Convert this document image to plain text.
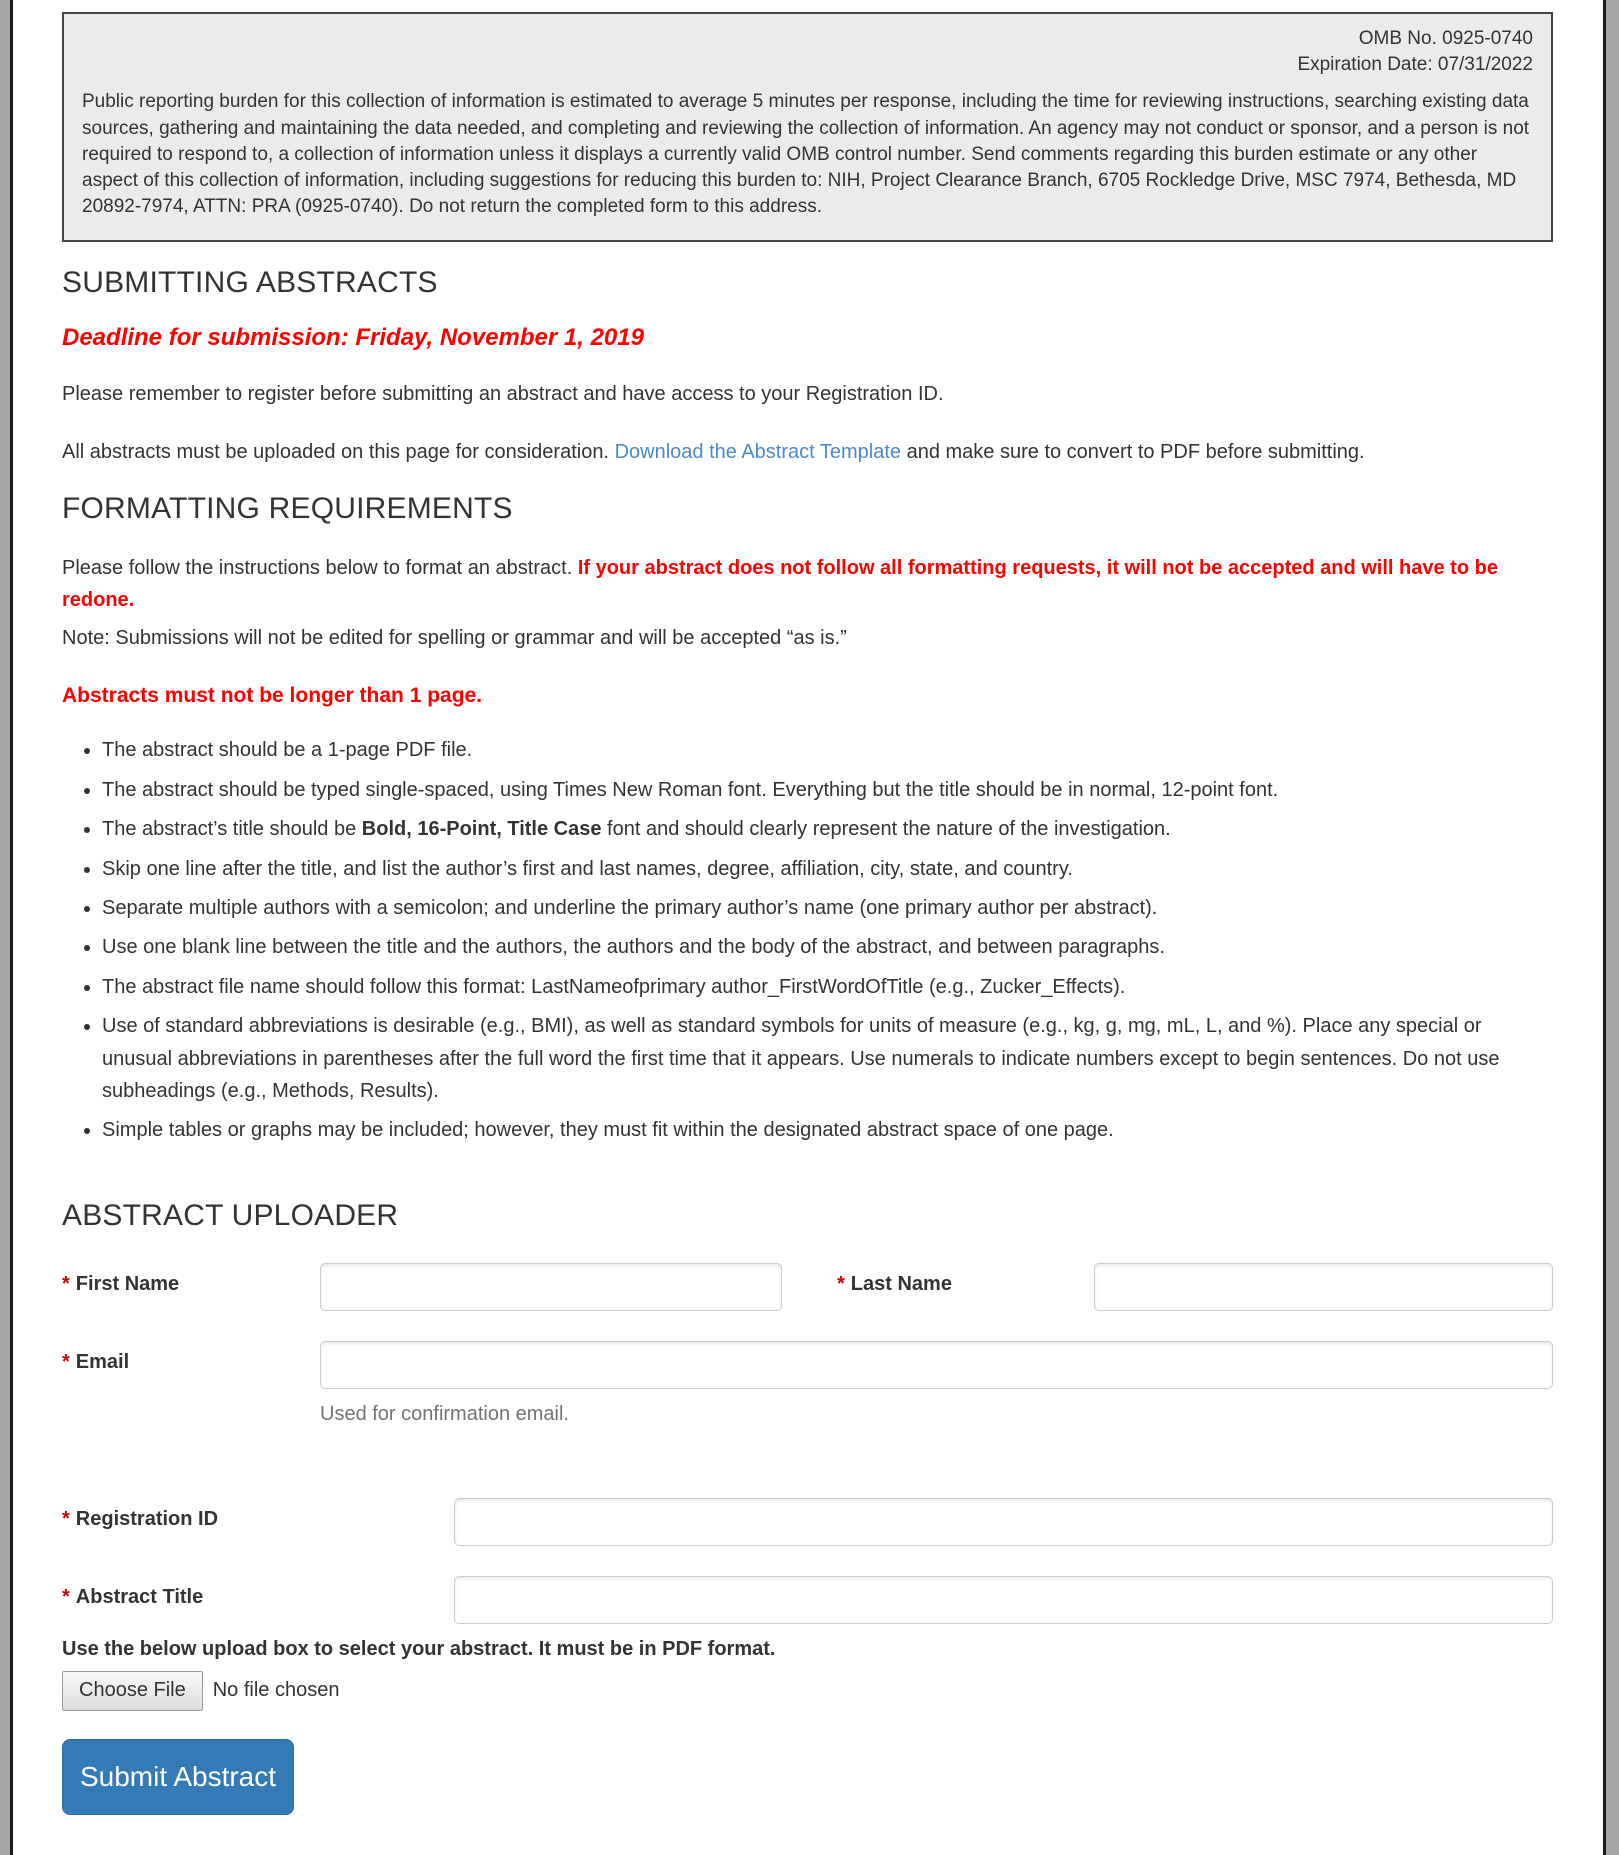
OMB No. 0925-0740
Expiration Date: 07/31/2022

Public reporting burden for this collection of information is estimated to average 5 minutes per response, including the time for reviewing instructions, searching existing data sources, gathering and maintaining the data needed, and completing and reviewing the collection of information. An agency may not conduct or sponsor, and a person is not required to respond to, a collection of information unless it displays a currently valid OMB control number. Send comments regarding this burden estimate or any other aspect of this collection of information, including suggestions for reducing this burden to: NIH, Project Clearance Branch, 6705 Rockledge Drive, MSC 7974, Bethesda, MD 20892-7974, ATTN: PRA (0925-0740). Do not return the completed form to this address.

SUBMITTING ABSTRACTS

Deadline for submission: Friday, November 1, 2019

Please remember to register before submitting an abstract and have access to your Registration ID.

All abstracts must be uploaded on this page for consideration. Download the Abstract Template and make sure to convert to PDF before submitting.

FORMATTING REQUIREMENTS

Please follow the instructions below to format an abstract. If your abstract does not follow all formatting requests, it will not be accepted and will have to be redone.

Note: Submissions will not be edited for spelling or grammar and will be accepted “as is.”

Abstracts must not be longer than 1 page.

• The abstract should be a 1-page PDF file.
• The abstract should be typed single-spaced, using Times New Roman font. Everything but the title should be in normal, 12-point font.
• The abstract’s title should be Bold, 16-Point, Title Case font and should clearly represent the nature of the investigation.
• Skip one line after the title, and list the author’s first and last names, degree, affiliation, city, state, and country.
• Separate multiple authors with a semicolon; and underline the primary author’s name (one primary author per abstract).
• Use one blank line between the title and the authors, the authors and the body of the abstract, and between paragraphs.
• The abstract file name should follow this format: LastNameofprimary author_FirstWordOfTitle (e.g., Zucker_Effects).
• Use of standard abbreviations is desirable (e.g., BMI), as well as standard symbols for units of measure (e.g., kg, g, mg, mL, L, and %). Place any special or unusual abbreviations in parentheses after the full word the first time that it appears. Use numerals to indicate numbers except to begin sentences. Do not use subheadings (e.g., Methods, Results).
• Simple tables or graphs may be included; however, they must fit within the designated abstract space of one page.
ABSTRACT UPLOADER
* First Name	* Last Name
* Email
Used for confirmation email.
* Registration ID
* Abstract Title

Use the below upload box to select your abstract. It must be in PDF format.

Choose File	No file chosen
Submit Abstract
